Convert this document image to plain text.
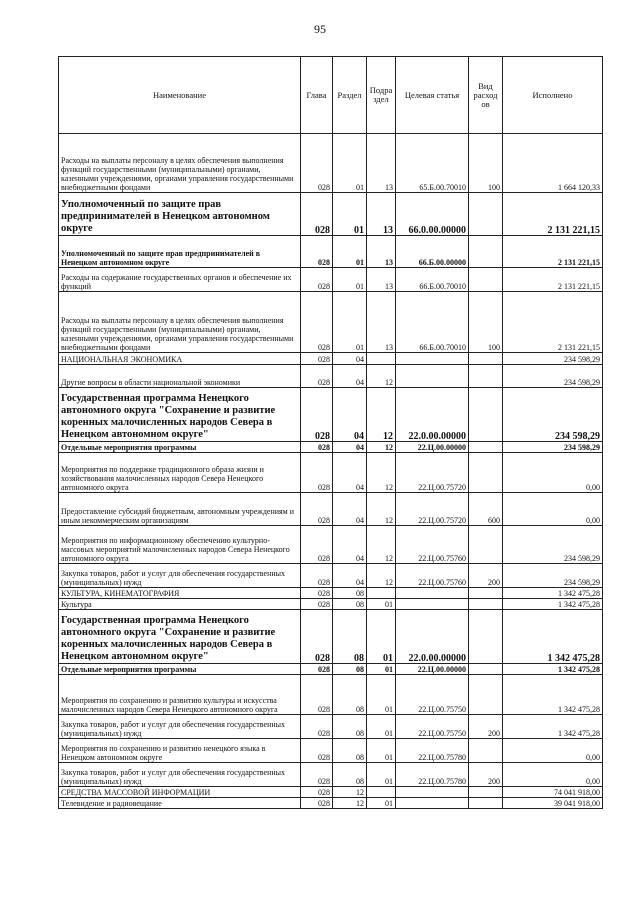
95
Наименование	Глава	Раздел	Подра здел	Целевая статья	Вид расход ов	Исполнено
Расходы на выплаты персоналу в целях обеспечения выполнения функций государственными (муниципальными) органами, казенными учреждениями, органами управления государственными внебюджетными фондами	028	01	13	65.Б.00.70010	100	1 664 120,33
Уполномоченный по защите прав предпринимателей в Ненецком автономном округе	028	01	13	66.0.00.00000		2 131 221,15
Уполномоченный по защите прав предпринимателей в Ненецком автономном округе	028	01	13	66.Б.00.00000		2 131 221,15
Расходы на содержание государственных органов и обеспечение их функций	028	01	13	66.Б.00.70010		2 131 221,15
Расходы на выплаты персоналу в целях обеспечения выполнения функций государственными (муниципальными) органами, казенными учреждениями, органами управления государственными внебюджетными фондами	028	01	13	66.Б.00.70010	100	2 131 221,15
НАЦИОНАЛЬНАЯ ЭКОНОМИКА	028	04				234 598,29
Другие вопросы в области национальной экономики	028	04	12			234 598,29
Государственная программа Ненецкого автономного округа "Сохранение и развитие коренных малочисленных народов Севера в Ненецком автономном округе"	028	04	12	22.0.00.00000		234 598,29
Отдельные мероприятия программы	028	04	12	22.Ц.00.00000		234 598,29
Мероприятия по поддержке традиционного образа жизни и хозяйствования малочисленных народов Севера Ненецкого автономного округа	028	04	12	22.Ц.00.75720		0,00
Предоставление субсидий бюджетным, автономным учреждениям и иным некоммерческим организациям	028	04	12	22.Ц.00.75720	600	0,00
Мероприятия по информационному обеспечению культурно-массовых мероприятий малочисленных народов Севера Ненецкого автономного округа	028	04	12	22.Ц.00.75760		234 598,29
Закупка товаров, работ и услуг для обеспечения государственных (муниципальных) нужд	028	04	12	22.Ц.00.75760	200	234 598,29
КУЛЬТУРА, КИНЕМАТОГРАФИЯ	028	08				1 342 475,28
Культура	028	08	01			1 342 475,28
Государственная программа Ненецкого автономного округа "Сохранение и развитие коренных малочисленных народов Севера в Ненецком автономном округе"	028	08	01	22.0.00.00000		1 342 475,28
Отдельные мероприятия программы	028	08	01	22.Ц.00.00000		1 342 475,28
Мероприятия по сохранению и развитию культуры и искусства малочисленных народов Севера Ненецкого автономного округа	028	08	01	22.Ц.00.75750		1 342 475,28
Закупка товаров, работ и услуг для обеспечения государственных (муниципальных) нужд	028	08	01	22.Ц.00.75750	200	1 342 475,28
Мероприятия по сохранению и развитию ненецкого языка в Ненецком автономном округе	028	08	01	22.Ц.00.75780		0,00
Закупка товаров, работ и услуг для обеспечения государственных (муниципальных) нужд	028	08	01	22.Ц.00.75780	200	0,00
СРЕДСТВА МАССОВОЙ ИНФОРМАЦИИ	028	12				74 041 918,00
Телевидение и радиовещание	028	12	01			39 041 918,00
